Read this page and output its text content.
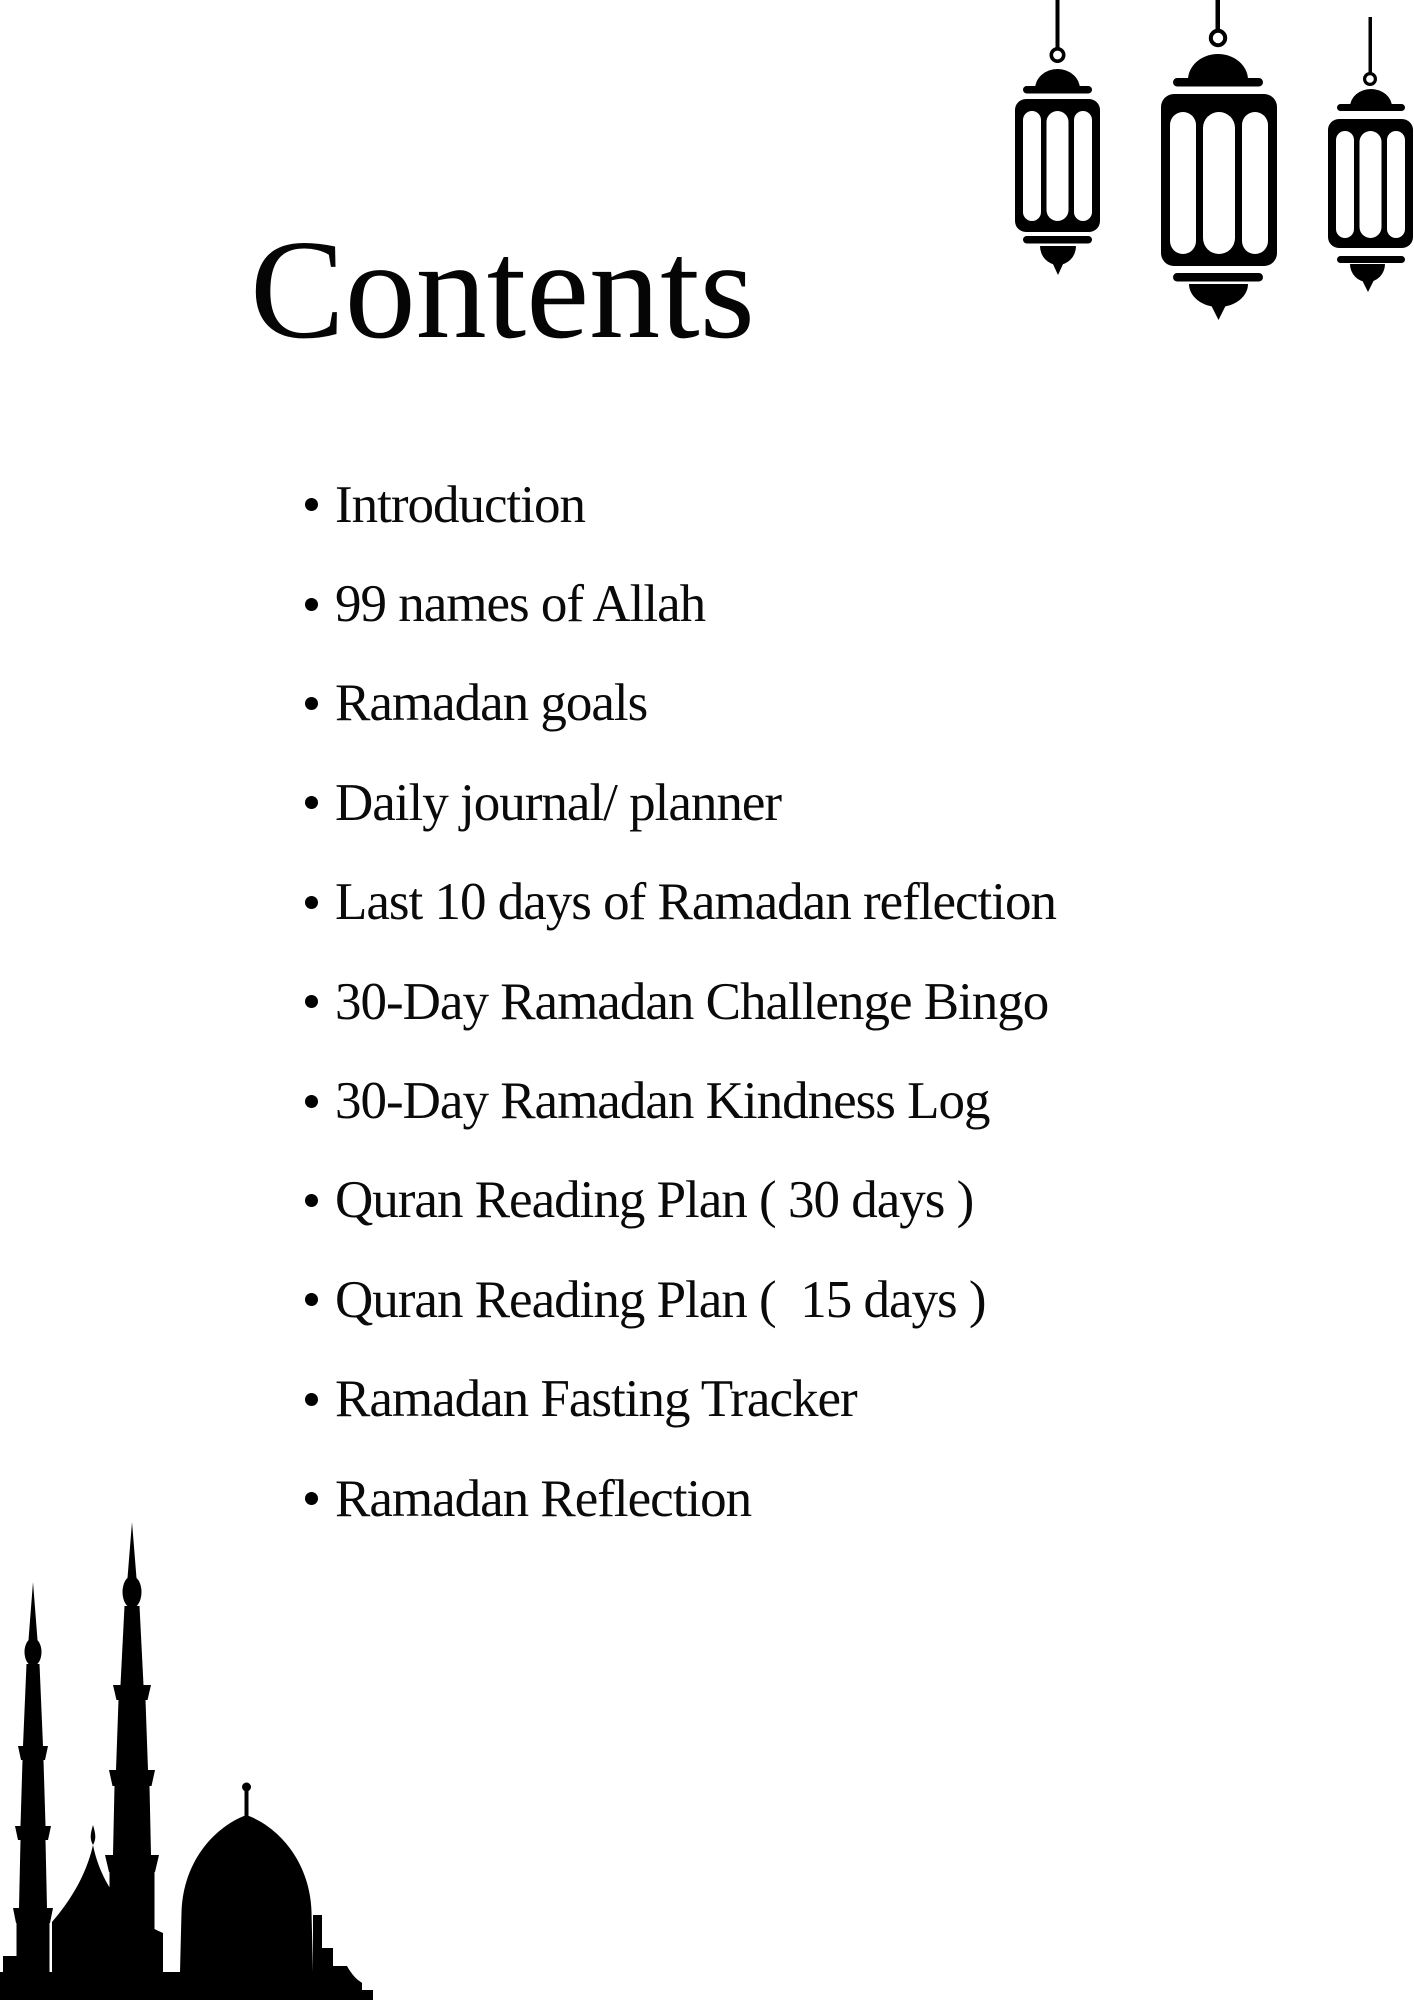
Contents
Introduction
99 names of Allah
Ramadan goals
Daily journal/ planner
Last 10 days of Ramadan reflection
30-Day Ramadan Challenge Bingo
30-Day Ramadan Kindness Log
Quran Reading Plan ( 30 days )
Quran Reading Plan (  15 days )
Ramadan Fasting Tracker
Ramadan Reflection
